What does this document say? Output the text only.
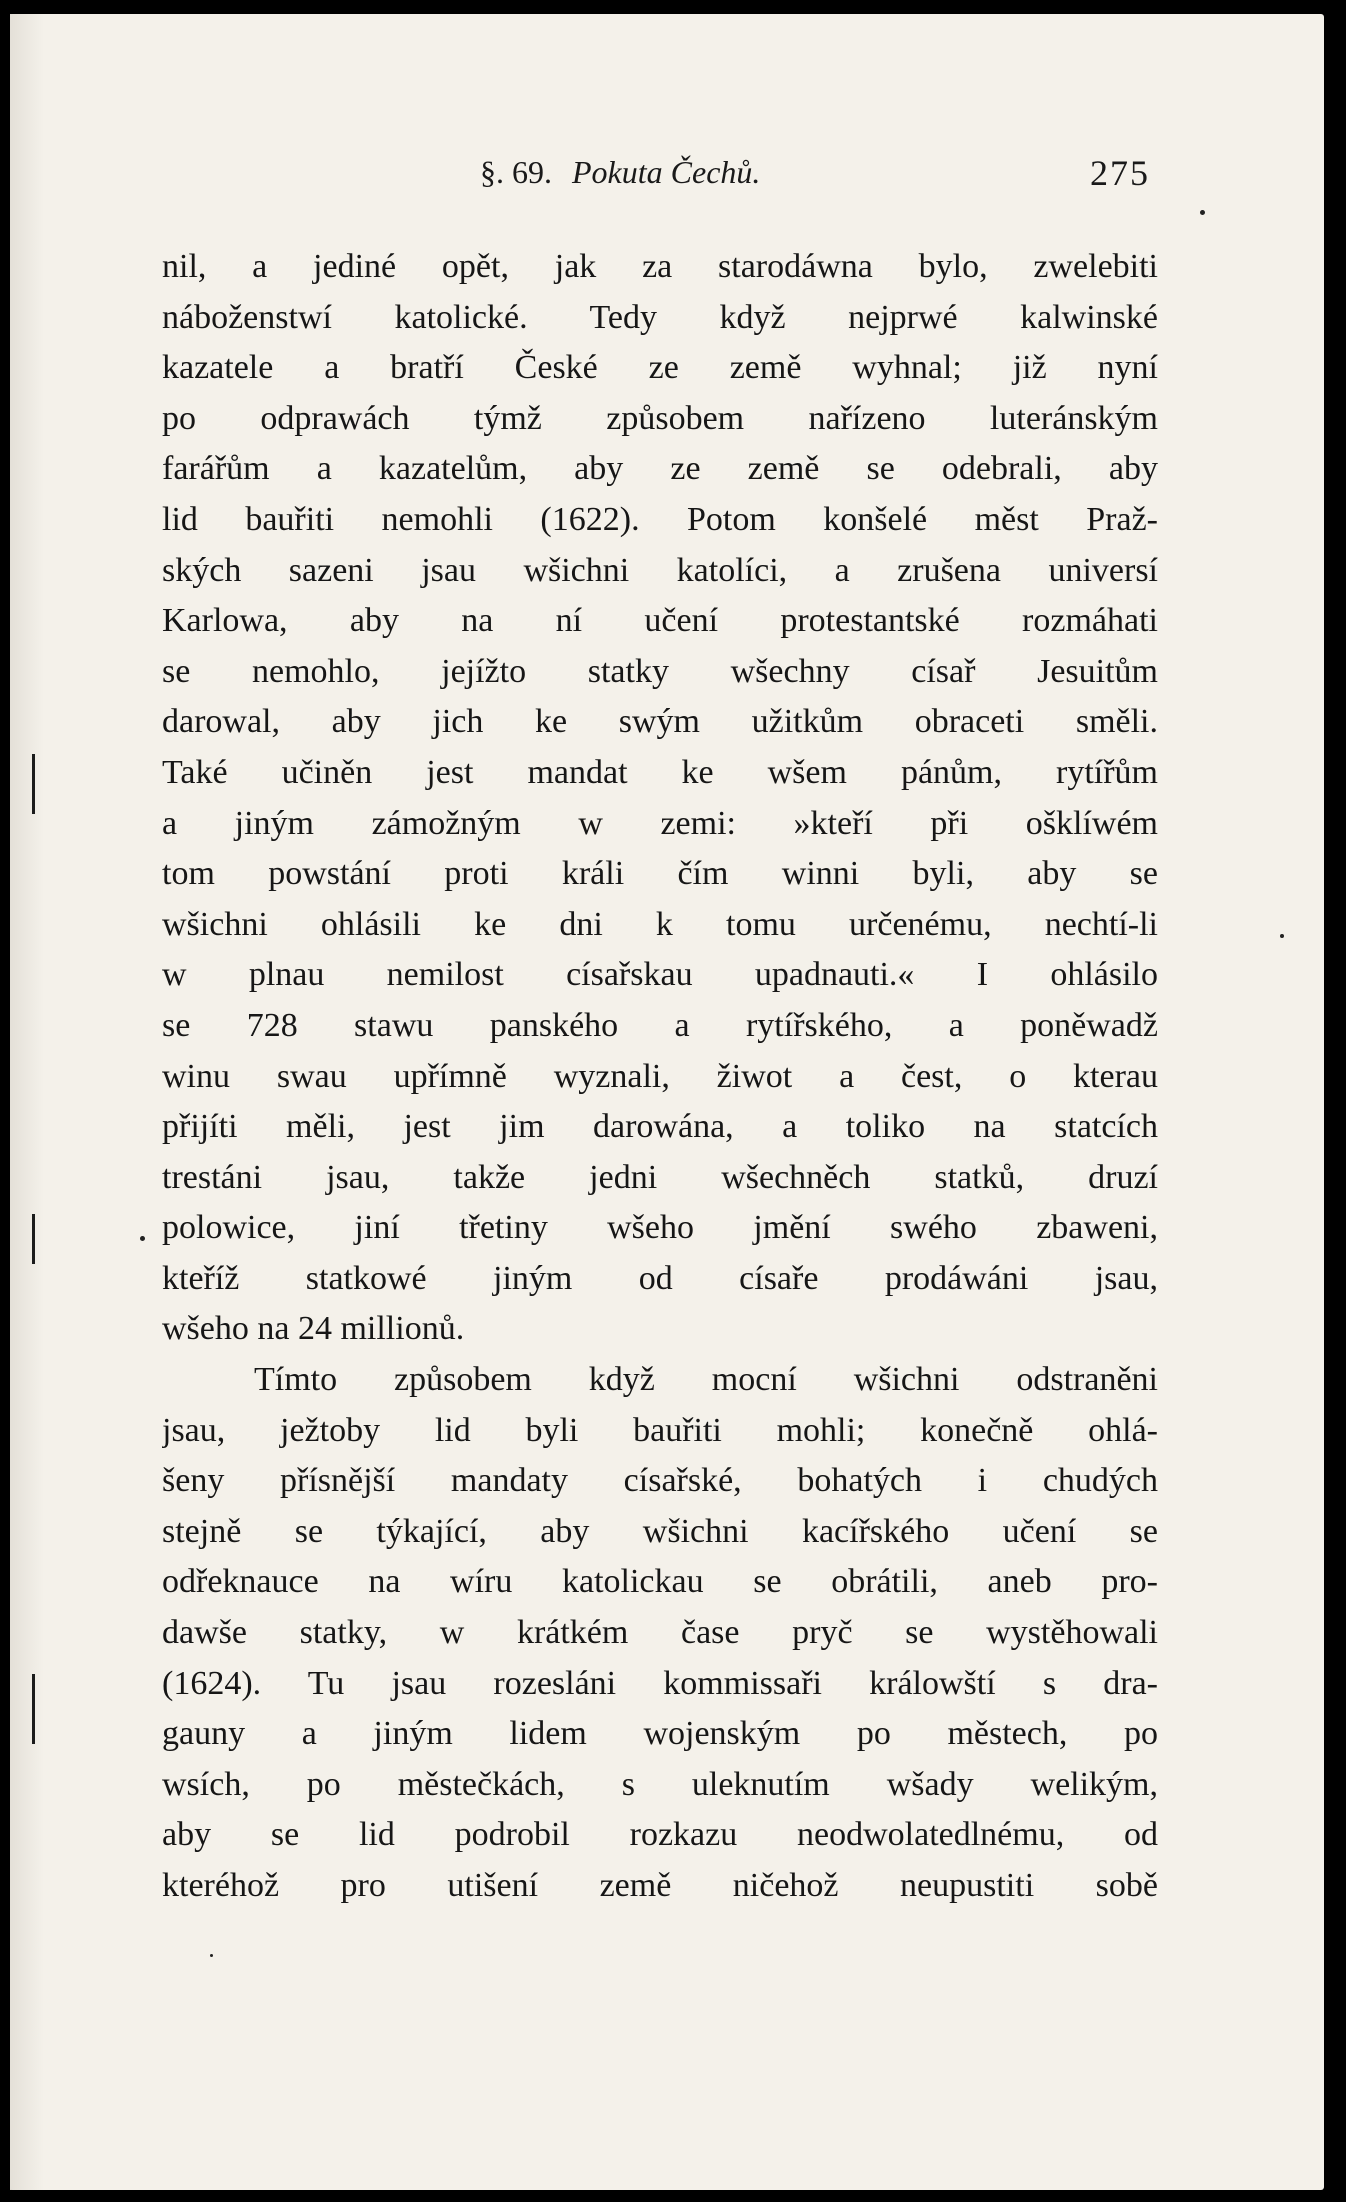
§. 69. Pokuta Čechů.	275
nil, a jediné opět, jak za starodáwna bylo, zwelebiti
náboženstwí katolické. Tedy když nejprwé kalwinské
kazatele a bratří České ze země wyhnal; již nyní
po odprawách týmž způsobem nařízeno luteránským
farářům a kazatelům, aby ze země se odebrali, aby
lid bauřiti nemohli (1622). Potom konšelé měst Praž-
ských sazeni jsau wšichni katolíci, a zrušena universí
Karlowa, aby na ní učení protestantské rozmáhati
se nemohlo, jejížto statky wšechny císař Jesuitům
darowal, aby jich ke swým užitkům obraceti směli.
Také učiněn jest mandat ke wšem pánům, rytířům
a jiným zámožným w zemi: »kteří při ošklíwém
tom powstání proti králi čím winni byli, aby se
wšichni ohlásili ke dni k tomu určenému, nechtí-li
w plnau nemilost císařskau upadnauti.« I ohlásilo
se 728 stawu panského a rytířského, a poněwadž
winu swau upřímně wyznali, žiwot a čest, o kterau
přijíti měli, jest jim darowána, a toliko na statcích
trestáni jsau, takže jedni wšechněch statků, druzí
polowice, jiní třetiny wšeho jmění swého zbaweni,
kteříž statkowé jiným od císaře prodáwáni jsau,
wšeho na 24 millionů.
Tímto způsobem když mocní wšichni odstraněni
jsau, ježtoby lid byli bauřiti mohli; konečně ohlá-
šeny přísnější mandaty císařské, bohatých i chudých
stejně se týkající, aby wšichni kacířského učení se
odřeknauce na wíru katolickau se obrátili, aneb pro-
dawše statky, w krátkém čase pryč se wystěhowali
(1624). Tu jsau rozesláni kommissaři králowští s dra-
gauny a jiným lidem wojenským po městech, po
wsích, po městečkách, s uleknutím wšady welikým,
aby se lid podrobil rozkazu neodwolatedlnému, od
kteréhož pro utišení země ničehož neupustiti sobě
